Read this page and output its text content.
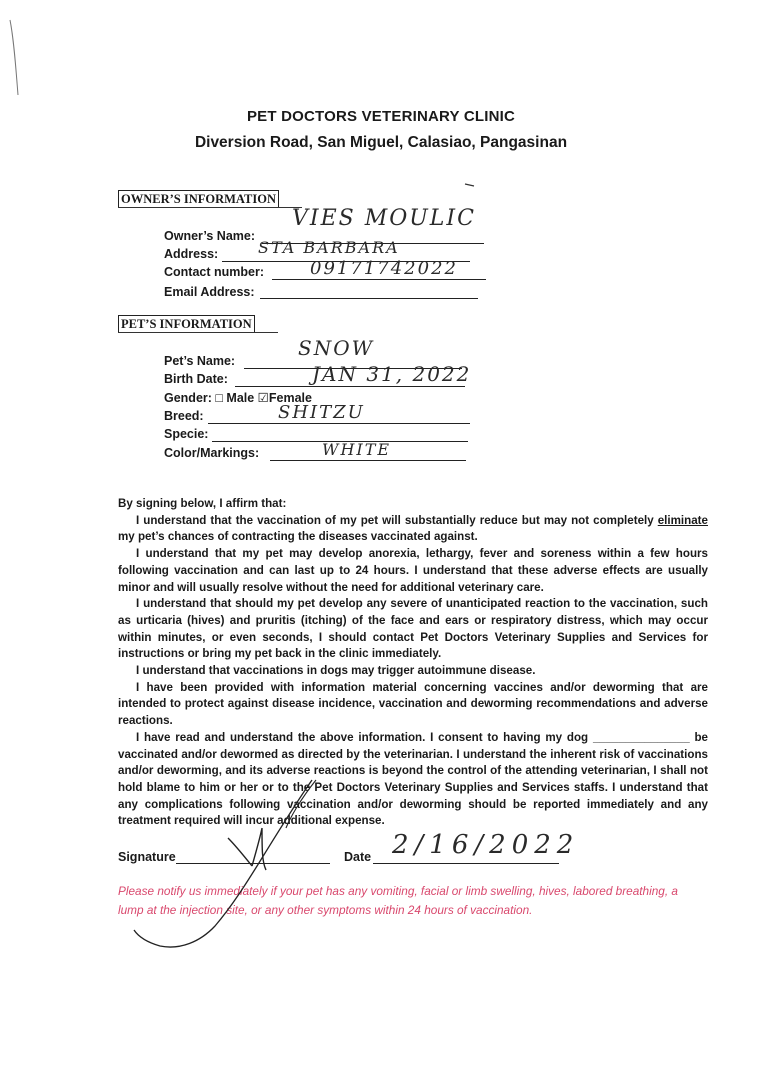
PET DOCTORS VETERINARY CLINIC
Diversion Road, San Miguel, Calasiao, Pangasinan
OWNER’S INFORMATION
Owner’s Name:
VIES MOULIC
Address: STA BARBARA
Contact number:	09171742022
Email Address:
PET’S INFORMATION
Pet’s Name:
SNOW
Birth Date:	JAN 31, 2022
Gender: □ Male ☑Female
Breed:	SHITZU
Specie:
Color/Markings:	WHITE

By signing below, I affirm that:

I understand that the vaccination of my pet will substantially reduce but may not completely eliminate my pet’s chances of contracting the diseases vaccinated against.

I understand that my pet may develop anorexia, lethargy, fever and soreness within a few hours following vaccination and can last up to 24 hours. I understand that these adverse effects are usually minor and will usually resolve without the need for additional veterinary care.

I understand that should my pet develop any severe of unanticipated reaction to the vaccination, such as urticaria (hives) and pruritis (itching) of the face and ears or respiratory distress, which may occur within minutes, or even seconds, I should contact Pet Doctors Veterinary Supplies and Services for instructions or bring my pet back in the clinic immediately.

I understand that vaccinations in dogs may trigger autoimmune disease.

I have been provided with information material concerning vaccines and/or deworming that are intended to protect against disease incidence, vaccination and deworming recommendations and adverse reactions.

I have read and understand the above information. I consent to having my dog _______________ be vaccinated and/or dewormed as directed by the veterinarian. I understand the inherent risk of vaccinations and/or deworming, and its adverse reactions is beyond the control of the attending veterinarian, I shall not hold blame to him or her or to the Pet Doctors Veterinary Supplies and Services staffs. I understand that any complications following vaccination and/or deworming should be reported immediately and any treatment required will incur additional expense.

Signature	Date 2/16/2022
Please notify us immediately if your pet has any vomiting, facial or limb swelling, hives, labored breathing, a lump at the injection site, or any other symptoms within 24 hours of vaccination.
